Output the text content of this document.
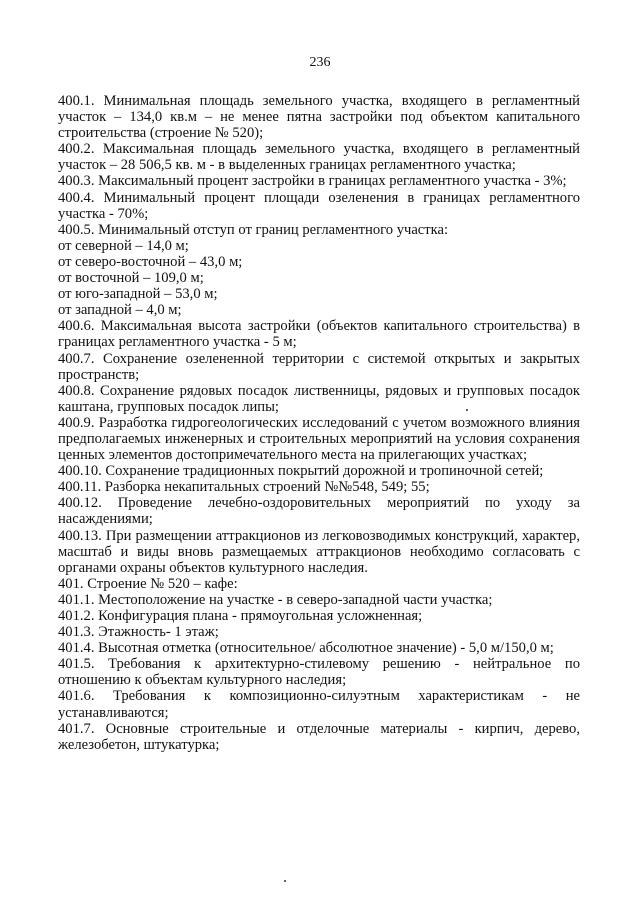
236

400.1. Минимальная площадь земельного участка, входящего в регламентный участок – 134,0 кв.м – не менее пятна застройки под объектом капитального строительства (строение № 520);

400.2. Максимальная площадь земельного участка, входящего в регламентный участок – 28 506,5 кв. м - в выделенных границах регламентного участка;

400.3. Максимальный процент застройки в границах регламентного участка - 3%;

400.4. Минимальный процент площади озеленения в границах регламентного участка - 70%;

400.5. Минимальный отступ от границ регламентного участка:

от северной – 14,0 м;

от северо-восточной – 43,0 м;

от восточной – 109,0 м;

от юго-западной – 53,0 м;

от западной – 4,0 м;

400.6. Максимальная высота застройки (объектов капитального строительства) в границах регламентного участка - 5 м;

400.7. Сохранение озелененной территории с системой открытых и закрытых пространств;

400.8. Сохранение рядовых посадок лиственницы, рядовых и групповых посадок каштана, групповых посадок липы;

400.9. Разработка гидрогеологических исследований с учетом возможного влияния предполагаемых инженерных и строительных мероприятий на условия сохранения ценных элементов достопримечательного места на прилегающих участках;

400.10. Сохранение традиционных покрытий дорожной и тропиночной сетей;

400.11. Разборка некапитальных строений №№548, 549; 55;

400.12. Проведение лечебно-оздоровительных мероприятий по уходу за насаждениями;

400.13. При размещении аттракционов из легковозводимых конструкций, характер, масштаб и виды вновь размещаемых аттракционов необходимо согласовать с органами охраны объектов культурного наследия.

401. Строение № 520 – кафе:

401.1. Местоположение на участке - в северо-западной части участка;

401.2. Конфигурация плана - прямоугольная усложненная;

401.3. Этажность- 1 этаж;

401.4. Высотная отметка (относительное/ абсолютное значение) - 5,0 м/150,0 м;

401.5. Требования к архитектурно-стилевому решению - нейтральное по отношению к объектам культурного наследия;

401.6. Требования к композиционно-силуэтным характеристикам - не устанавливаются;

401.7. Основные строительные и отделочные материалы - кирпич, дерево, железобетон, штукатурка;
